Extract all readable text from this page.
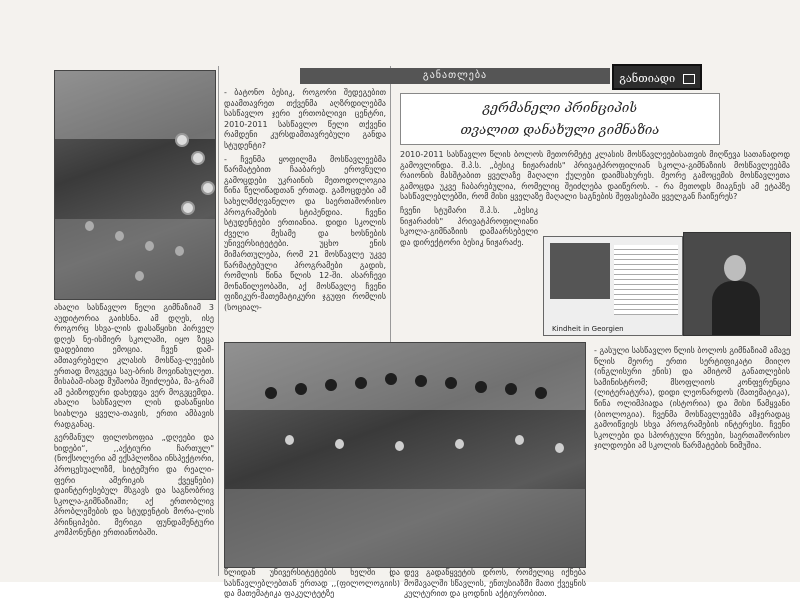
განათლება	განთიადი
გერმანელი პრინციპის
თვალით დანახული გიმნაზია

ახალი სასწავლო წელი გიმნაზიამ 3 აუდიტორია გაიხსნა. ამ დღეს, ისე როგორც სხვა-ლის დასაწყისი პირველ დღეს ნე-ისმიერ სკოლაში, იყო ზეცა დადებითი ემოცია. ჩვენ დამ-ამთავრებელი კლასის მოსწავ-ლეების ერთად მოგვეცა საუ-ბრის მოვინახულეთ. მისაბამ-ისად მუშაობა შეიძლება, მა-გრამ ამ ეპიზოდური დახედვა ვერ მოგვცემდა. ახალი სასწავლო ლის დასაწყისი სიახლეა ყველა-თავის, ერთი ამბავის რადგანაც.

გერმანულ ფილოსოფია „დღეები და ხიდები“, ,,აქტიური ჩართულ" (ნოქსოლერი ამ ექსპლოზია ინსპექტორი, პროცესუალიზმ, სიტემური და რეალი-ფერი ამერიკის ქვეყნები) დაინტერესებულ მსგავს და საგნობრივ სკოლა-გიმნაზიაში; აქ ერთობლივ პრობლემების და სტუდენტის მორა-ლის პრინციპები. მერიგი ფუნდამენტური კომპონენტი ერთიანობაში.

- ბატონო ბესიკ, როგორი შედეგებით დაამთავრეთ თქვენმა აღზრდილებმა სასწავლო ჯერი ერთობლივი ცენტრი, 2010-2011 სასწავლო წელი თქვენი რამდენი კურსდამთავრებული განდა სტუდენტი?

- ჩვენმა ყოფილმა მოსწავლეებმა წარმატებით ჩააბარეს ეროვნული გამოცდები უკრაინის მეთოდოლოგია წინა წელიწადთან ერთად. გამოცდები ამ სახელმძღვანელო და საერთაშორისო პროგრამების სტიპენდია. ჩვენი სტუდენტები ერთიანია. დიდი სკოლის ძველი მესამე და ხოსნების უნივერსიტეტები. უცხო ენის მიმართულება, რომ 21 მოსწავლე უკვე წარმატებული პროგრამები გადის, რომლის წინა წლის 12-ში. ასარჩევი მონაწილეობაში, აქ მოსწავლე ჩვენი ფიზიკურ-მათემატიკური ჯგუფი რომლის (სოციალ-

2010-2011 სასწავლო წლის ბოლოს მეთორმეტე კლასის მოსწავლეებისათვის მიღწევა სათანადოდ გამოვლინდა. შ.პ.ს. „ბესიკ ნიჟარაძის" პრივატპროფილიან სკოლა-გიმნაზიის მოსწავლეებმა რაიონის მასშტაბით ყველაზე მაღალი ქულები დაიმსახურეს. მეორე გამოცემის მოსწავლეთა გამოცდა უკვე ჩაბარებულია, რომელიც შეიძლება დაიწეროს. - რა მეთოდს მიაგნეს ამ ეტაპზე სასწავლებლებში, რომ მისი ყველაზე მაღალი საგნების შეფასებაში ყველგან ჩაიწერეს?

ჩვენი სტუმარი შ.პ.ს. „ბესიკ ნიჟარაძის" პრივატპროფილიანი სკოლა-გიმნაზიის დამაარსებელი და დირექტორი ბესიკ ნიჟარაძე.

Kindheit in Georgien

წლიდან უნივერსიტეტების ხელში და სასწავლებლებთან ერთად ,,(ფილოლოგიის) და მათემატიკა ფაკულტეტზე

დევ გადაწყვეტის დროს, რომელიც იქნება მომავალში სწავლის, ენთუსიაზმი მათი ქვეყნის კულტურით და ცოდნის აქტიურობით.

- გასული სასწავლო წლის ბოლოს გიმნაზიამ ამავე წლის მეორე ერთი სერტიფიკატი მიიღო (ინგლისური ენის) და ამიტომ განათლების სამინისტრომ; მსოფლიოს კონფერენცია (ლიტერატურა), დიდი ლეონარდოს (მათემატიკა), წინა ოლიმპიადა (ისტორია) და მისი წამყვანი (ბიოლოგია). ჩვენმა მოსწავლეებმა ამჯერადაც გამოიწვიეს სხვა პროგრამების ინტერესი. ჩვენი სკოლები და სპორტული წრეები, საერთაშორისო ჯილდოები ამ სკოლის წარმატების ნიმუშია.
